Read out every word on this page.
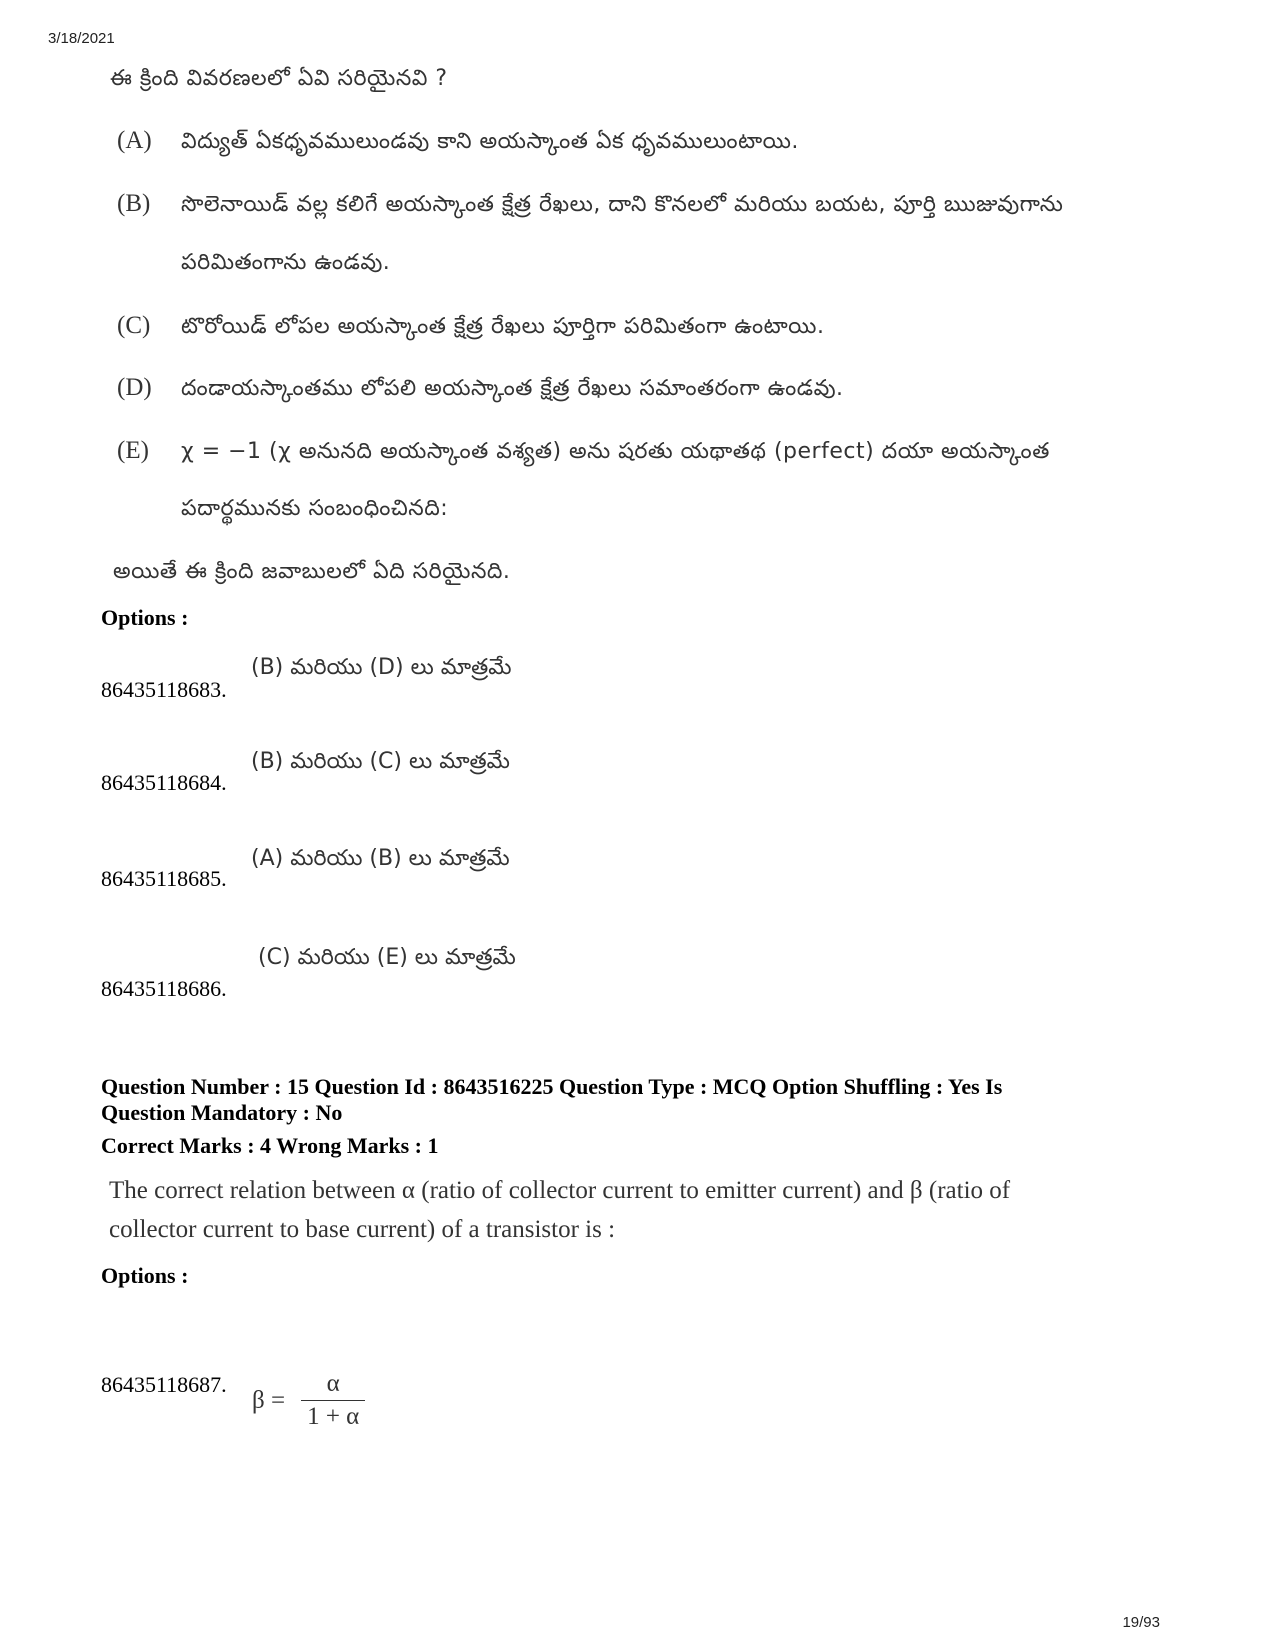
3/18/2021
ఈ క్రింది వివరణలలో ఏవి సరియైనవి ?
(A) విద్యుత్ ఏకధృవములుండవు కాని అయస్కాంత ఏక ధృవములుంటాయి.
(B) సొలెనాయిడ్ వల్ల కలిగే అయస్కాంత క్షేత్ర రేఖలు, దాని కొనలలో మరియు బయట, పూర్తి ఋజువుగాను
పరిమితంగాను ఉండవు.
(C) టొరోయిడ్ లోపల అయస్కాంత క్షేత్ర రేఖలు పూర్తిగా పరిమితంగా ఉంటాయి.
(D) దండాయస్కాంతము లోపలి అయస్కాంత క్షేత్ర రేఖలు సమాంతరంగా ఉండవు.
(E) χ = −1 (χ అనునది అయస్కాంత వశ్యత) అను షరతు యథాతథ (perfect) దయా అయస్కాంత
పదార్థమునకు సంబంధించినది:
అయితే ఈ క్రింది జవాబులలో ఏది సరియైనది.
Options :
86435118683.
(B) మరియు (D) లు మాత్రమే
86435118684.
(B) మరియు (C) లు మాత్రమే
86435118685.
(A) మరియు (B) లు మాత్రమే
86435118686.
(C) మరియు (E) లు మాత్రమే
Question Number : 15 Question Id : 8643516225 Question Type : MCQ Option Shuffling : Yes Is
Question Mandatory : No
Correct Marks : 4 Wrong Marks : 1
The correct relation between α (ratio of collector current to emitter current) and β (ratio of
collector current to base current) of a transistor is :
Options :
$\beta = \frac{\alpha}{1 + \alpha}$
86435118687.
19/93
